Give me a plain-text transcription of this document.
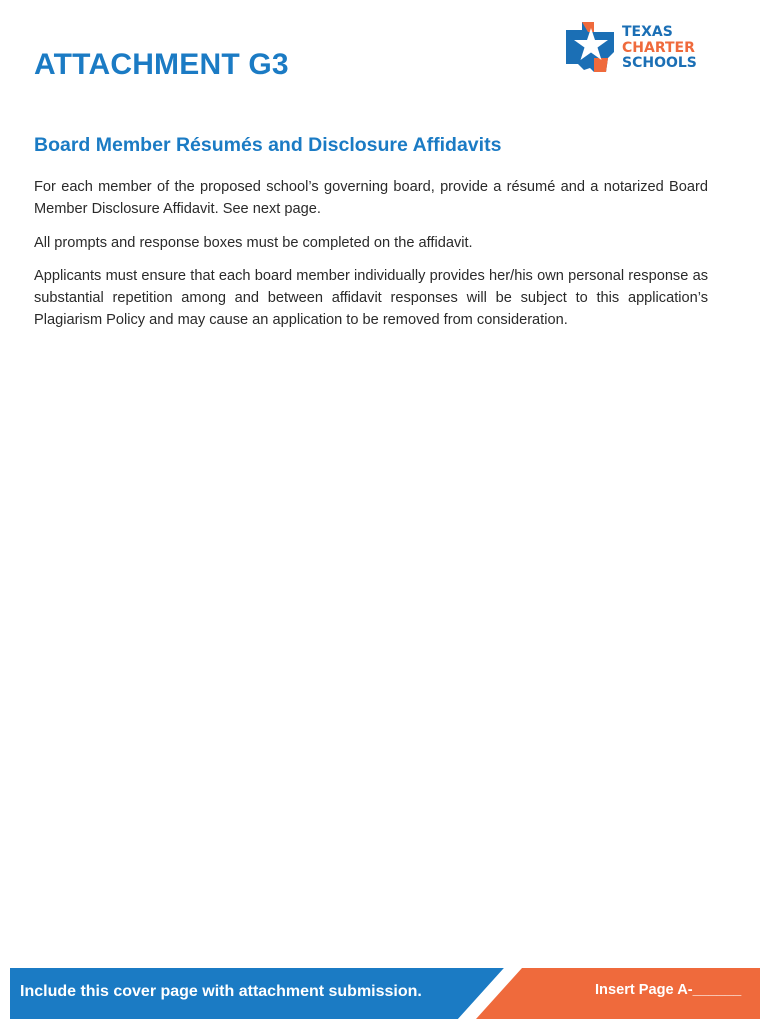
ATTACHMENT G3
TEXAS
CHARTER
SCHOOLS
Board Member Résumés and Disclosure Affidavits

For each member of the proposed school’s governing board, provide a résumé and a notarized Board Member Disclosure Affidavit. See next page.

All prompts and response boxes must be completed on the affidavit.

Applicants must ensure that each board member individually provides her/his own personal response as substantial repetition among and between affidavit responses will be subject to this application’s Plagiarism Policy and may cause an application to be removed from consideration.

Include this cover page with attachment submission.	Insert Page A-______
